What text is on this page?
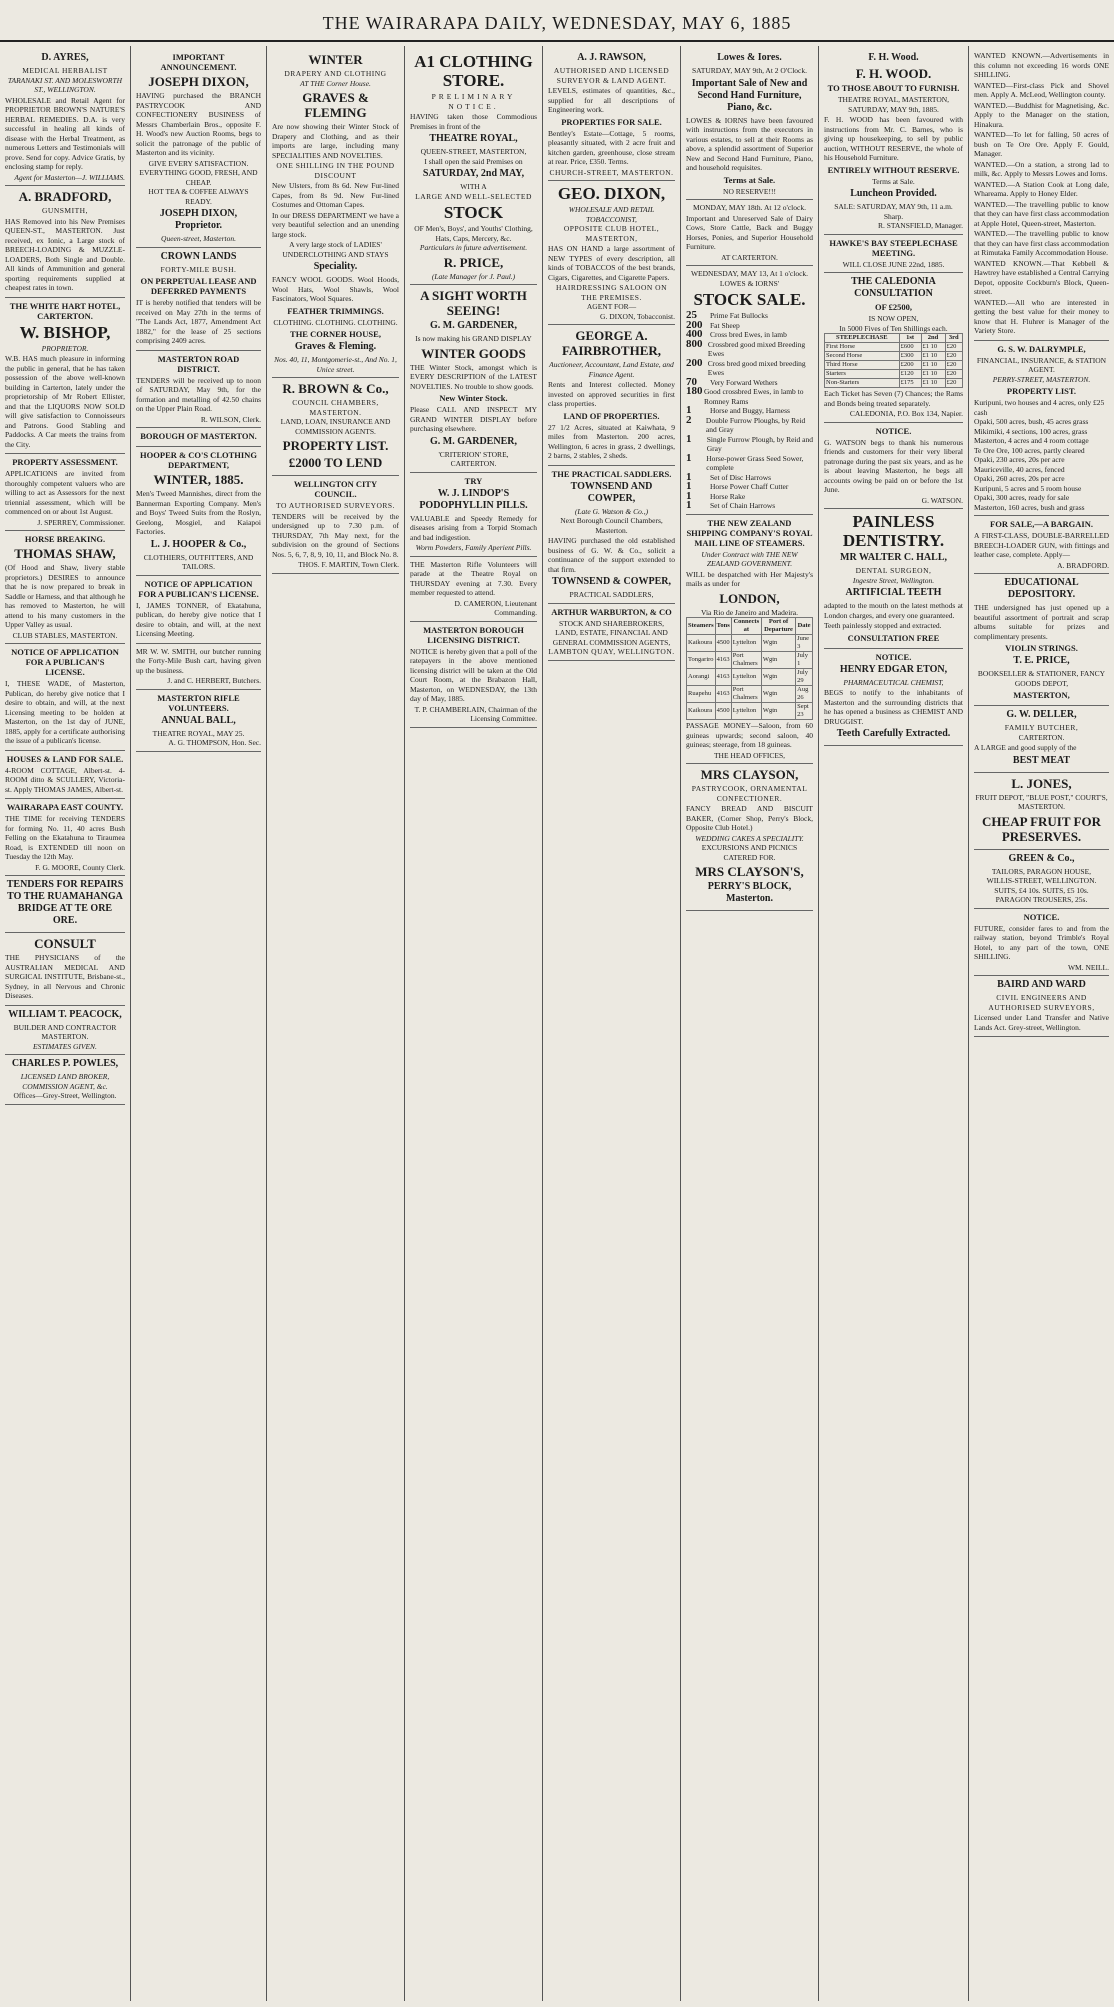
THE WAIRARAPA DAILY, WEDNESDAY, MAY 6, 1885
D. AYRES,
MEDICAL HERBALIST
TARANAKI ST. AND MOLESWORTH ST., WELLINGTON.

WHOLESALE and Retail Agent for PROPRIETOR BROWN'S NATURE'S HERBAL REMEDIES. D.A. is very successful in healing all kinds of disease with the Herbal Treatment, as numerous Letters and Testimonials will prove. Send for copy. Advice Gratis, by enclosing stamp for reply.

Agent for Masterton—J. WILLIAMS.
A. BRADFORD,
GUNSMITH,

HAS Removed into his New Premises QUEEN-ST., MASTERTON. Just received, ex Ionic, a Large stock of BREECH-LOADING & MUZZLE-LOADERS, Both Single and Double. All kinds of Ammunition and general sporting requirements supplied at cheapest rates in town.

THE WHITE HART HOTEL, CARTERTON.
W. BISHOP,
PROPRIETOR.

W.B. HAS much pleasure in informing the public in general, that he has taken possession of the above well-known building in Carterton, lately under the proprietorship of Mr Robert Ellister, and that the LIQUORS NOW SOLD will give satisfaction to Connoisseurs and Patrons. Good Stabling and Paddocks. A Car meets the trains from the City.

PROPERTY ASSESSMENT.

APPLICATIONS are invited from thoroughly competent valuers who are willing to act as Assessors for the next triennial assessment, which will be commenced on or about 1st August.

J. SPERREY, Commissioner.
HORSE BREAKING.
THOMAS SHAW,

(Of Hood and Shaw, livery stable proprietors.) DESIRES to announce that he is now prepared to break in Saddle or Harness, and that although he has removed to Masterton, he will attend to his many customers in the Upper Valley as usual.

CLUB STABLES, MASTERTON.
NOTICE OF APPLICATION FOR A PUBLICAN'S LICENSE.

I, THESE WADE, of Masterton, Publican, do hereby give notice that I desire to obtain, and will, at the next Licensing meeting to be holden at Masterton, on the 1st day of JUNE, 1885, apply for a certificate authorising the issue of a publican's license.

HOUSES & LAND FOR SALE.

4-ROOM COTTAGE, Albert-st. 4-ROOM ditto & SCULLERY, Victoria-st. Apply THOMAS JAMES, Albert-st.

WAIRARAPA EAST COUNTY.

THE TIME for receiving TENDERS for forming No. 11, 40 acres Bush Felling on the Ekatahuna to Tiraumea Road, is EXTENDED till noon on Tuesday the 12th May.

F. G. MOORE, County Clerk.
TENDERS FOR REPAIRS TO THE RUAMAHANGA BRIDGE AT TE ORE ORE.
CONSULT

THE PHYSICIANS of the AUSTRALIAN MEDICAL AND SURGICAL INSTITUTE, Brisbane-st., Sydney, in all Nervous and Chronic Diseases.

WILLIAM T. PEACOCK,
BUILDER AND CONTRACTOR
MASTERTON.
ESTIMATES GIVEN.
CHARLES P. POWLES,
LICENSED LAND BROKER, COMMISSION AGENT, &c.
Offices—Grey-Street, Wellington.
IMPORTANT ANNOUNCEMENT.
JOSEPH DIXON,

HAVING purchased the BRANCH PASTRYCOOK AND CONFECTIONERY BUSINESS of Messrs Chamberlain Bros., opposite F. H. Wood's new Auction Rooms, begs to solicit the patronage of the public of Masterton and its vicinity.

GIVE EVERY SATISFACTION.
EVERYTHING GOOD, FRESH, AND CHEAP.
HOT TEA & COFFEE ALWAYS READY.
JOSEPH DIXON, Proprietor.
Queen-street, Masterton.
CROWN LANDS
FORTY-MILE BUSH.
ON PERPETUAL LEASE AND DEFERRED PAYMENTS

IT is hereby notified that tenders will be received on May 27th in the terms of "The Lands Act, 1877, Amendment Act 1882," for the lease of 25 sections comprising 2409 acres.

MASTERTON ROAD DISTRICT.

TENDERS will be received up to noon of SATURDAY, May 9th, for the formation and metalling of 42.50 chains on the Upper Plain Road.

R. WILSON, Clerk.
BOROUGH OF MASTERTON.
HOOPER & CO'S CLOTHING DEPARTMENT,
WINTER, 1885.

Men's Tweed Mannishes, direct from the Bannerman Exporting Company. Men's and Boys' Tweed Suits from the Roslyn, Geelong, Mosgiel, and Kaiapoi Factories.

L. J. HOOPER & Co.,
CLOTHIERS, OUTFITTERS, AND TAILORS.
NOTICE OF APPLICATION FOR A PUBLICAN'S LICENSE.

I, JAMES TONNER, of Ekatahuna, publican, do hereby give notice that I desire to obtain, and will, at the next Licensing Meeting.

MR W. W. SMITH, our butcher running the Forty-Mile Bush cart, having given up the business.

J. and C. HERBERT, Butchers.
MASTERTON RIFLE VOLUNTEERS.
ANNUAL BALL,
THEATRE ROYAL, MAY 25.
A. G. THOMPSON, Hon. Sec.
WINTER
DRAPERY AND CLOTHING
AT THE Corner House.
GRAVES & FLEMING

Are now showing their Winter Stock of Drapery and Clothing, and as their imports are large, including many SPECIALITIES AND NOVELTIES.

ONE SHILLING IN THE POUND DISCOUNT

New Ulsters, from 8s 6d. New Fur-lined Capes, from 8s 9d. New Fur-lined Costumes and Ottoman Capes.

In our DRESS DEPARTMENT we have a very beautiful selection and an unending large stock.

A very large stock of LADIES' UNDERCLOTHING AND STAYS
Speciality.

FANCY WOOL GOODS. Wool Hoods, Wool Hats, Wool Shawls, Wool Fascinators, Wool Squares.

FEATHER TRIMMINGS.
CLOTHING. CLOTHING. CLOTHING.
THE CORNER HOUSE,
Graves & Fleming.
Nos. 40, 11, Montgomerie-st., And No. 1, Unice street.
R. BROWN & Co.,
COUNCIL CHAMBERS, MASTERTON.
LAND, LOAN, INSURANCE AND COMMISSION AGENTS.
PROPERTY LIST.
£2000 TO LEND
WELLINGTON CITY COUNCIL.
TO AUTHORISED SURVEYORS.

TENDERS will be received by the undersigned up to 7.30 p.m. of THURSDAY, 7th May next, for the subdivision on the ground of Sections Nos. 5, 6, 7, 8, 9, 10, 11, and Block No. 8.

THOS. F. MARTIN, Town Clerk.
A1 CLOTHING STORE.
PRELIMINARY NOTICE.

HAVING taken those Commodious Premises in front of the

THEATRE ROYAL,
QUEEN-STREET, MASTERTON,
I shall open the said Premises on
SATURDAY, 2nd MAY,
WITH A
LARGE AND WELL-SELECTED
STOCK
OF Men's, Boys', and Youths' Clothing, Hats, Caps, Mercery, &c.
Particulars in future advertisement.
R. PRICE,
(Late Manager for J. Paul.)
A SIGHT WORTH SEEING!
G. M. GARDENER,
Is now making his GRAND DISPLAY
WINTER GOODS

THE Winter Stock, amongst which is EVERY DESCRIPTION of the LATEST NOVELTIES. No trouble to show goods.

New Winter Stock.

Please CALL AND INSPECT MY GRAND WINTER DISPLAY before purchasing elsewhere.

G. M. GARDENER,
'CRITERION' STORE,
CARTERTON.
TRY
W. J. LINDOP'S PODOPHYLLIN PILLS.

VALUABLE and Speedy Remedy for diseases arising from a Torpid Stomach and bad indigestion.

Worm Powders, Family Aperient Pills.

THE Masterton Rifle Volunteers will parade at the Theatre Royal on THURSDAY evening at 7.30. Every member requested to attend.

D. CAMERON, Lieutenant Commanding.
MASTERTON BOROUGH LICENSING DISTRICT.

NOTICE is hereby given that a poll of the ratepayers in the above mentioned licensing district will be taken at the Old Court Room, at the Brabazon Hall, Masterton, on WEDNESDAY, the 13th day of May, 1885.

T. P. CHAMBERLAIN, Chairman of the Licensing Committee.
A. J. RAWSON,
AUTHORISED AND LICENSED SURVEYOR & LAND AGENT.

LEVELS, estimates of quantities, &c., supplied for all descriptions of Engineering work.

PROPERTIES FOR SALE.

Bentley's Estate—Cottage, 5 rooms, pleasantly situated, with 2 acre fruit and kitchen garden, greenhouse, close stream at rear. Price, £350. Terms.

CHURCH-STREET, MASTERTON.
GEO. DIXON,
WHOLESALE AND RETAIL TOBACCONIST,
OPPOSITE CLUB HOTEL, MASTERTON,

HAS ON HAND a large assortment of NEW TYPES of every description, all kinds of TOBACCOS of the best brands, Cigars, Cigarettes, and Cigarette Papers.

HAIRDRESSING SALOON ON THE PREMISES.
AGENT FOR—
G. DIXON, Tobacconist.
GEORGE A. FAIRBROTHER,
Auctioneer, Accountant, Land Estate, and Finance Agent.

Rents and Interest collected. Money invested on approved securities in first class properties.

LAND OF PROPERTIES.

27 1/2 Acres, situated at Kaiwhata, 9 miles from Masterton. 200 acres, Wellington, 6 acres in grass, 2 dwellings, 2 barns, 2 stables, 2 sheds.

THE PRACTICAL SADDLERS.
TOWNSEND AND COWPER,
(Late G. Watson & Co.,)
Next Borough Council Chambers, Masterton.

HAVING purchased the old established business of G. W. & Co., solicit a continuance of the support extended to that firm.

TOWNSEND & COWPER,
PRACTICAL SADDLERS,
ARTHUR WARBURTON, & CO
STOCK AND SHAREBROKERS, LAND, ESTATE, FINANCIAL AND GENERAL COMMISSION AGENTS,
LAMBTON QUAY, WELLINGTON.
Lowes & Iores.
SATURDAY, MAY 9th, At 2 O'Clock.
Important Sale of New and Second Hand Furniture, Piano, &c.

LOWES & IORNS have been favoured with instructions from the executors in various estates, to sell at their Rooms as above, a splendid assortment of Superior New and Second Hand Furniture, Piano, and household requisites.

Terms at Sale.
NO RESERVE!!!
MONDAY, MAY 18th. At 12 o'clock.

Important and Unreserved Sale of Dairy Cows, Store Cattle, Back and Buggy Horses, Ponies, and Superior Household Furniture.

AT CARTERTON.
WEDNESDAY, MAY 13, At 1 o'clock.
LOWES & IORNS'
STOCK SALE.
25	Prime Fat Bullocks
200	Fat Sheep
400	Cross bred Ewes, in lamb
800 Crossbred good mixed Breeding Ewes
200 Cross bred good mixed breeding Ewes
70	Very Forward Wethers
180 Good crossbred Ewes, in lamb to Romney Rams
1	Horse and Buggy, Harness
2	Double Furrow Ploughs, by Reid and Gray
1	Single Furrow Plough, by Reid and Gray
1	Horse-power Grass Seed Sower, complete
1	Set of Disc Harrows
1	Horse Power Chaff Cutter
1	Horse Rake
1	Set of Chain Harrows
THE NEW ZEALAND SHIPPING COMPANY'S ROYAL MAIL LINE OF STEAMERS.
Under Contract with THE NEW ZEALAND GOVERNMENT.

WILL be despatched with Her Majesty's mails as under for

LONDON,
Via Rio de Janeiro and Madeira.
Steamers	Tons	Connects at	Port of Departure	Date
Kaikoura	4500	Lyttelton	Wgtn	June 3
Tongariro	4163	Port Chalmers	Wgtn	July 1
Aorangi	4163	Lyttelton	Wgtn	July 29
Ruapehu	4163	Port Chalmers	Wgtn	Aug 26
Kaikoura	4500	Lyttelton	Wgtn	Sept 23

PASSAGE MONEY—Saloon, from 60 guineas upwards; second saloon, 40 guineas; steerage, from 18 guineas.

THE HEAD OFFICES,
MRS CLAYSON,
PASTRYCOOK, ORNAMENTAL CONFECTIONER.

FANCY BREAD AND BISCUIT BAKER, (Corner Shop, Perry's Block, Opposite Club Hotel.)

WEDDING CAKES A SPECIALITY.
EXCURSIONS AND PICNICS CATERED FOR.
MRS CLAYSON'S,
PERRY'S BLOCK, Masterton.
F. H. Wood.
F. H. WOOD.
TO THOSE ABOUT TO FURNISH.
THEATRE ROYAL, MASTERTON,
SATURDAY, MAY 9th, 1885.

F. H. WOOD has been favoured with instructions from Mr. C. Barnes, who is giving up housekeeping, to sell by public auction, WITHOUT RESERVE, the whole of his Household Furniture.

ENTIRELY WITHOUT RESERVE.
Terms at Sale.
Luncheon Provided.
SALE: SATURDAY, MAY 9th, 11 a.m. Sharp.
R. STANSFIELD, Manager.
HAWKE'S BAY STEEPLECHASE MEETING.
WILL CLOSE JUNE 22nd, 1885.
THE CALEDONIA CONSULTATION
OF £2500,
IS NOW OPEN,
In 5000 Fives of Ten Shillings each.
STEEPLECHASE	1st	2nd	3rd
First Horse	£600	£1 10	£20
Second Horse	£300	£1 10	£20
Third Horse	£200	£1 10	£20
Starters	£120	£1 10	£20
Non-Starters	£175	£1 10	£20

Each Ticket has Seven (7) Chances; the Rams and Bonds being treated separately.

CALEDONIA, P.O. Box 134, Napier.
NOTICE.

G. WATSON begs to thank his numerous friends and customers for their very liberal patronage during the past six years, and as he is about leaving Masterton, he begs all accounts owing be paid on or before the 1st June.

G. WATSON.
PAINLESS DENTISTRY.
MR WALTER C. HALL,
DENTAL SURGEON,
Ingestre Street, Wellington.
ARTIFICIAL TEETH

adapted to the mouth on the latest methods at London charges, and every one guaranteed.

Teeth painlessly stopped and extracted.

CONSULTATION FREE
NOTICE.
HENRY EDGAR ETON,
PHARMACEUTICAL CHEMIST,

BEGS to notify to the inhabitants of Masterton and the surrounding districts that he has opened a business as CHEMIST AND DRUGGIST.

Teeth Carefully Extracted.

WANTED KNOWN.—Advertisements in this column not exceeding 16 words ONE SHILLING.

WANTED—First-class Pick and Shovel men. Apply A. McLeod, Wellington county.

WANTED.—Buddhist for Magnetising, &c. Apply to the Manager on the station, Hinakura.

WANTED—To let for falling, 50 acres of bush on Te Ore Ore. Apply F. Gould, Manager.

WANTED.—On a station, a strong lad to milk, &c. Apply to Messrs Lowes and Iorns.

WANTED.—A Station Cook at Long dale, Whareama. Apply to Honey Elder.

WANTED.—The travelling public to know that they can have first class accommodation at Apple Hotel, Queen-street, Masterton.

WANTED.—The travelling public to know that they can have first class accommodation at Rimutaka Family Accommodation House.

WANTED KNOWN.—That Kebbell & Hawtrey have established a Central Carrying Depot, opposite Cockburn's Block, Queen-street.

WANTED.—All who are interested in getting the best value for their money to know that H. Fluhrer is Manager of the Variety Store.

G. S. W. DALRYMPLE,
FINANCIAL, INSURANCE, & STATION AGENT.
PERRY-STREET, MASTERTON.
PROPERTY LIST.
Kuripuni, two houses and 4 acres, only £25 cash
Opaki, 500 acres, bush, 45 acres grass
Mikimiki, 4 sections, 100 acres, grass
Masterton, 4 acres and 4 room cottage
Te Ore Ore, 100 acres, partly cleared
Opaki, 230 acres, 20s per acre
Mauriceville, 40 acres, fenced
Opaki, 260 acres, 20s per acre
Kuripuni, 5 acres and 5 room house
Opaki, 300 acres, ready for sale
Masterton, 160 acres, bush and grass
FOR SALE,—A BARGAIN.

A FIRST-CLASS, DOUBLE-BARRELLED BREECH-LOADER GUN, with fittings and leather case, complete. Apply—

A. BRADFORD.
EDUCATIONAL DEPOSITORY.

THE undersigned has just opened up a beautiful assortment of portrait and scrap albums suitable for prizes and complimentary presents.

VIOLIN STRINGS.
T. E. PRICE,
BOOKSELLER & STATIONER, FANCY GOODS DEPOT,
MASTERTON,
G. W. DELLER,
FAMILY BUTCHER,
CARTERTON.

A LARGE and good supply of the

BEST MEAT
L. JONES,
FRUIT DEPOT, "BLUE POST," COURT'S, MASTERTON.
CHEAP FRUIT FOR PRESERVES.
GREEN & Co.,
TAILORS, PARAGON HOUSE,
WILLIS-STREET, WELLINGTON.
SUITS, £4 10s. SUITS, £5 10s.
PARAGON TROUSERS, 25s.
NOTICE.

FUTURE, consider fares to and from the railway station, beyond Trimble's Royal Hotel, to any part of the town, ONE SHILLING.

WM. NEILL.
BAIRD AND WARD
CIVIL ENGINEERS AND AUTHORISED SURVEYORS,

Licensed under Land Transfer and Native Lands Act. Grey-street, Wellington.
